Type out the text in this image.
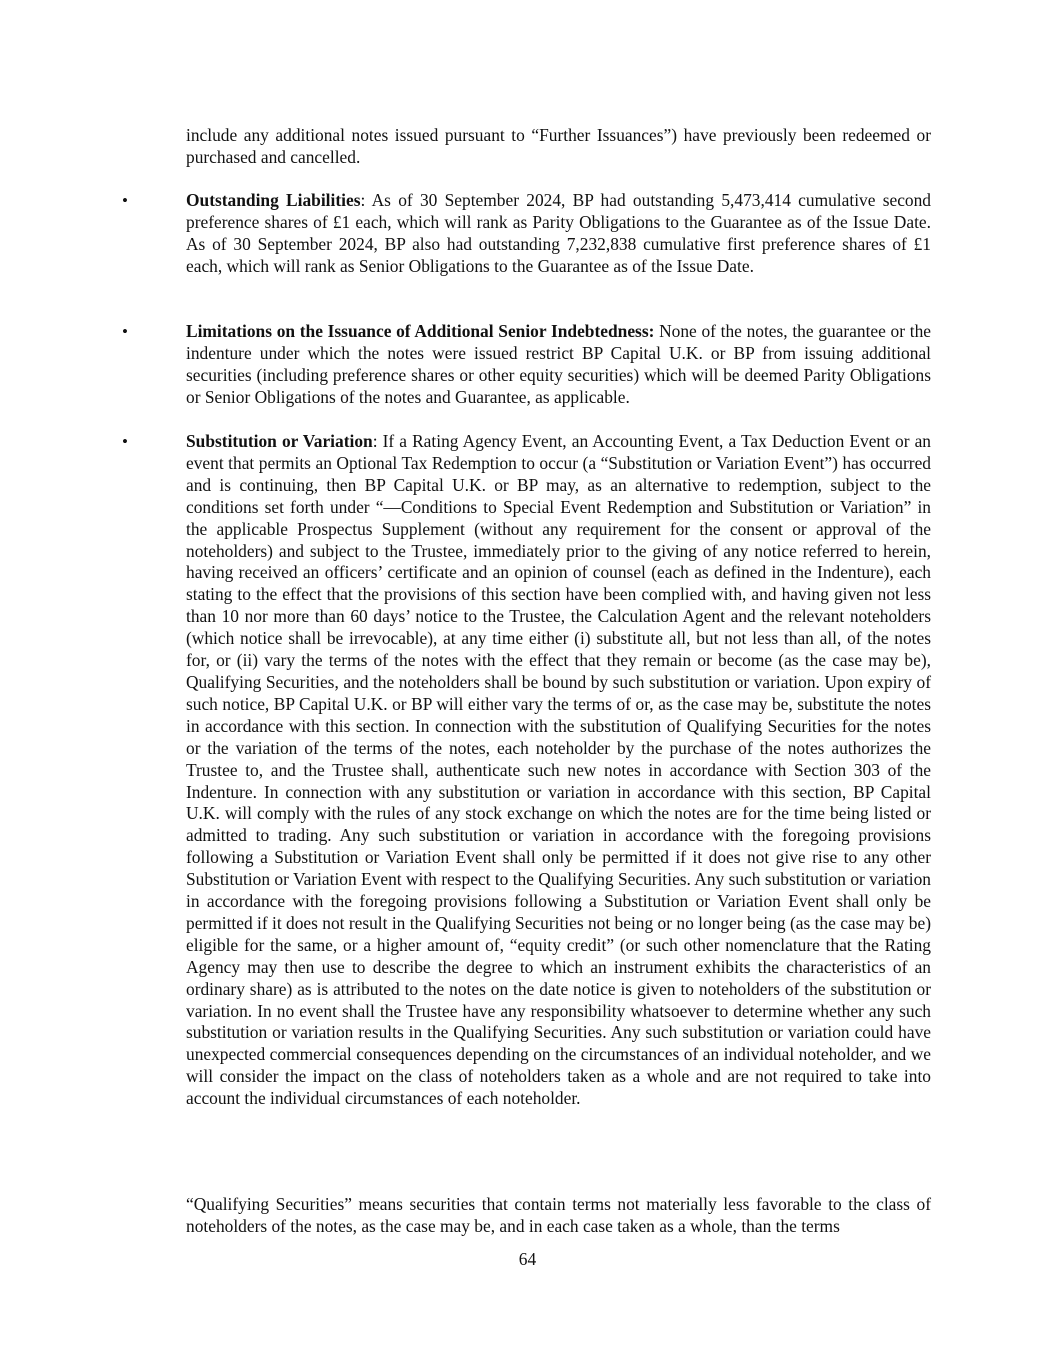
include any additional notes issued pursuant to “Further Issuances”) have previously been redeemed or purchased and cancelled.

•	Outstanding Liabilities: As of 30 September 2024, BP had outstanding 5,473,414 cumulative second preference shares of £1 each, which will rank as Parity Obligations to the Guarantee as of the Issue Date. As of 30 September 2024, BP also had outstanding 7,232,838 cumulative first preference shares of £1 each, which will rank as Senior Obligations to the Guarantee as of the Issue Date.

•	Limitations on the Issuance of Additional Senior Indebtedness: None of the notes, the guarantee or the indenture under which the notes were issued restrict BP Capital U.K. or BP from issuing additional securities (including preference shares or other equity securities) which will be deemed Parity Obligations or Senior Obligations of the notes and Guarantee, as applicable.

•	Substitution or Variation: If a Rating Agency Event, an Accounting Event, a Tax Deduction Event or an event that permits an Optional Tax Redemption to occur (a “Substitution or Variation Event”) has occurred and is continuing, then BP Capital U.K. or BP may, as an alternative to redemption, subject to the conditions set forth under “—Conditions to Special Event Redemption and Substitution or Variation” in the applicable Prospectus Supplement (without any requirement for the consent or approval of the noteholders) and subject to the Trustee, immediately prior to the giving of any notice referred to herein, having received an officers’ certificate and an opinion of counsel (each as defined in the Indenture), each stating to the effect that the provisions of this section have been complied with, and having given not less than 10 nor more than 60 days’ notice to the Trustee, the Calculation Agent and the relevant noteholders (which notice shall be irrevocable), at any time either (i) substitute all, but not less than all, of the notes for, or (ii) vary the terms of the notes with the effect that they remain or become (as the case may be), Qualifying Securities, and the noteholders shall be bound by such substitution or variation. Upon expiry of such notice, BP Capital U.K. or BP will either vary the terms of or, as the case may be, substitute the notes in accordance with this section. In connection with the substitution of Qualifying Securities for the notes or the variation of the terms of the notes, each noteholder by the purchase of the notes authorizes the Trustee to, and the Trustee shall, authenticate such new notes in accordance with Section 303 of the Indenture. In connection with any substitution or variation in accordance with this section, BP Capital U.K. will comply with the rules of any stock exchange on which the notes are for the time being listed or admitted to trading. Any such substitution or variation in accordance with the foregoing provisions following a Substitution or Variation Event shall only be permitted if it does not give rise to any other Substitution or Variation Event with respect to the Qualifying Securities. Any such substitution or variation in accordance with the foregoing provisions following a Substitution or Variation Event shall only be permitted if it does not result in the Qualifying Securities not being or no longer being (as the case may be) eligible for the same, or a higher amount of, “equity credit” (or such other nomenclature that the Rating Agency may then use to describe the degree to which an instrument exhibits the characteristics of an ordinary share) as is attributed to the notes on the date notice is given to noteholders of the substitution or variation. In no event shall the Trustee have any responsibility whatsoever to determine whether any such substitution or variation results in the Qualifying Securities. Any such substitution or variation could have unexpected commercial consequences depending on the circumstances of an individual noteholder, and we will consider the impact on the class of noteholders taken as a whole and are not required to take into account the individual circumstances of each noteholder.

“Qualifying Securities” means securities that contain terms not materially less favorable to the class of noteholders of the notes, as the case may be, and in each case taken as a whole, than the terms

64
